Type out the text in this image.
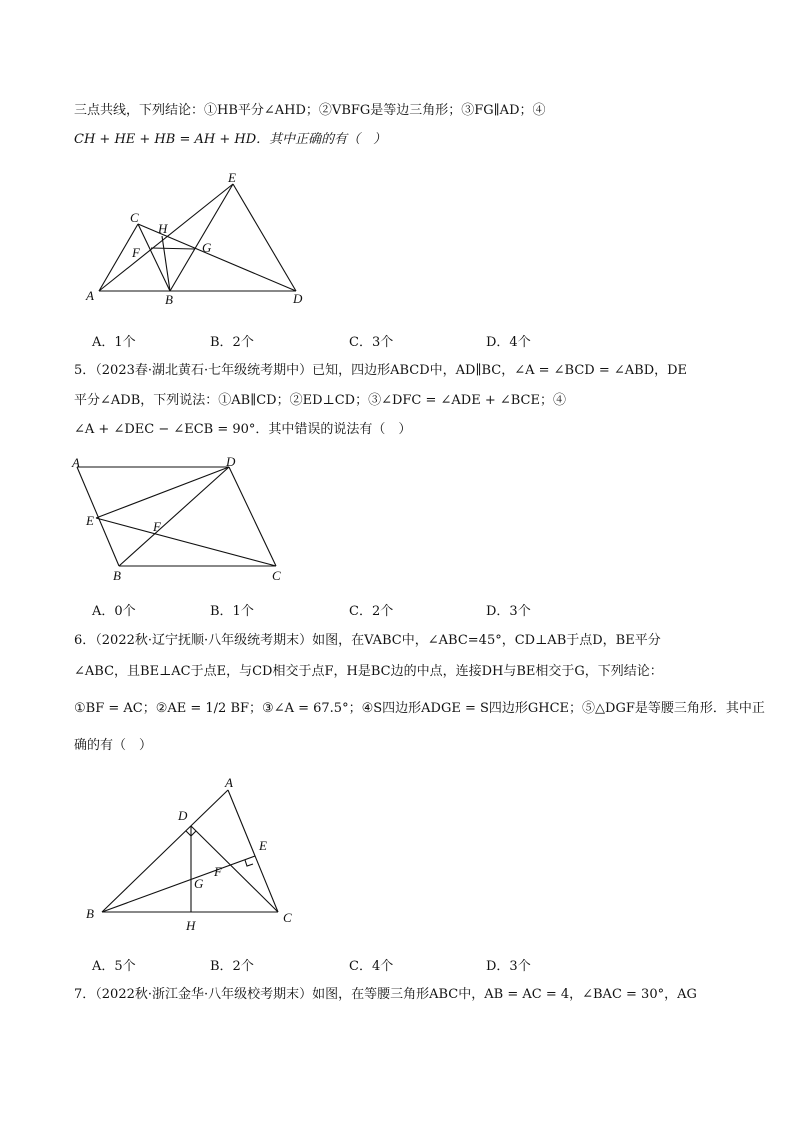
三点共线，下列结论：①HB平分∠AHD；②VBFG是等边三角形；③FG∥AD；④
CH + HE + HB = AH + HD．其中正确的有（　）
A	B
C
D
E
F	G
H
A．1个	B．2个	C．3个	D．4个
5．（2023春·湖北黄石·七年级统考期中）已知，四边形ABCD中，AD∥BC，∠A = ∠BCD = ∠ABD，DE
平分∠ADB，下列说法：①AB∥CD；②ED⊥CD；③∠DFC = ∠ADE + ∠BCE；④
∠A + ∠DEC − ∠ECB = 90°．其中错误的说法有（　）
A
B	C
D
E	F
A．0个	B．1个	C．2个	D．3个
6．（2022秋·辽宁抚顺·八年级统考期末）如图，在VABC中，∠ABC=45°，CD⊥AB于点D，BE平分
∠ABC，且BE⊥AC于点E，与CD相交于点F，H是BC边的中点，连接DH与BE相交于G，下列结论：
①BF = AC；②AE = 1/2 BF；③∠A = 67.5°；④S四边形ADGE = S四边形GHCE；⑤△DGF是等腰三角形．其中正
确的有（　）
A
B	C
D
E
F
G
H
A．5个	B．2个	C．4个	D．3个
7．（2022秋·浙江金华·八年级校考期末）如图，在等腰三角形ABC中，AB = AC = 4，∠BAC = 30°，AG
